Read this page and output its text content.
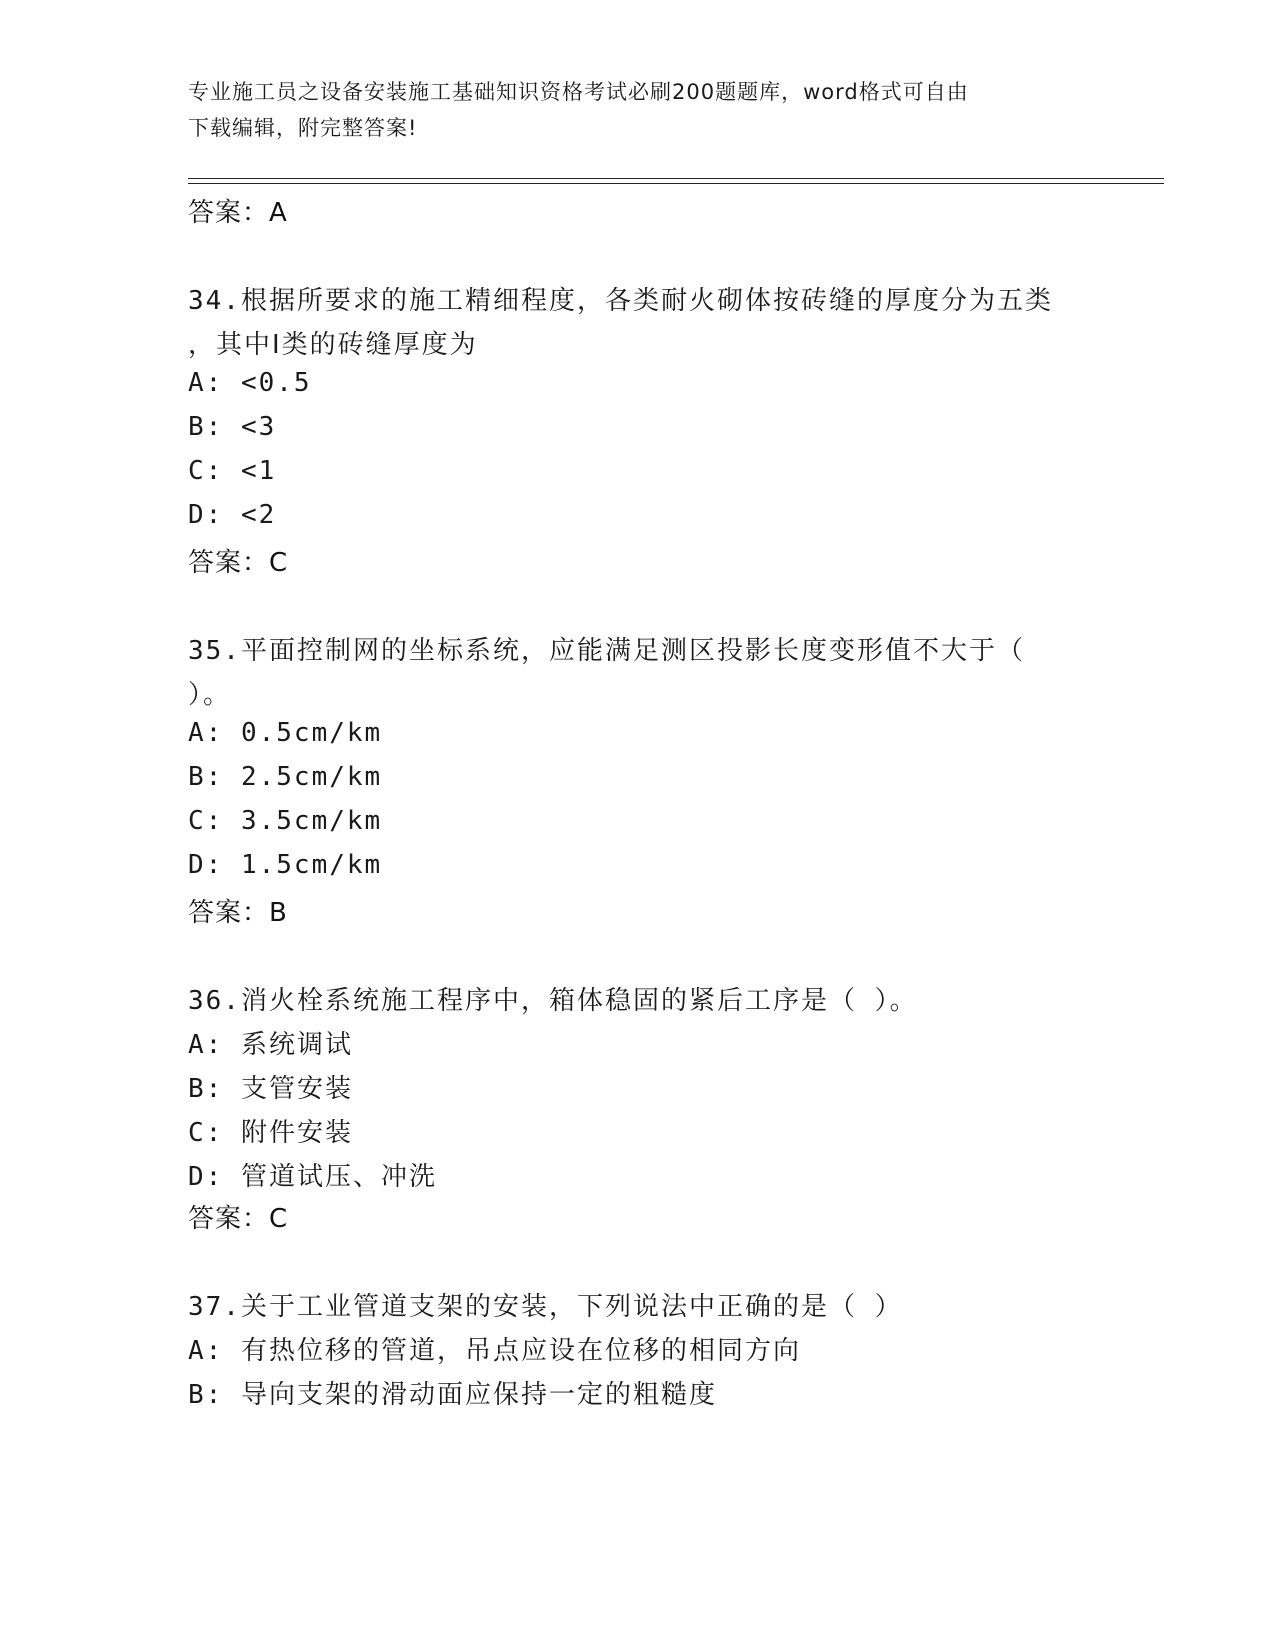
专业施工员之设备安装施工基础知识资格考试必刷200题题库，word格式可自由
下载编辑，附完整答案!
答案：A
34.根据所要求的施工精细程度，各类耐火砌体按砖缝的厚度分为五类
，其中Ⅰ类的砖缝厚度为
A: <0.5
B: <3
C: <1
D: <2
答案：C
35.平面控制网的坐标系统，应能满足测区投影长度变形值不大于（
）。
A: 0.5cm/km
B: 2.5cm/km
C: 3.5cm/km
D: 1.5cm/km
答案：B
36.消火栓系统施工程序中，箱体稳固的紧后工序是（ ）。
A: 系统调试
B: 支管安装
C: 附件安装
D: 管道试压、冲洗
答案：C
37.关于工业管道支架的安装，下列说法中正确的是（ ）
A: 有热位移的管道，吊点应设在位移的相同方向
B: 导向支架的滑动面应保持一定的粗糙度
